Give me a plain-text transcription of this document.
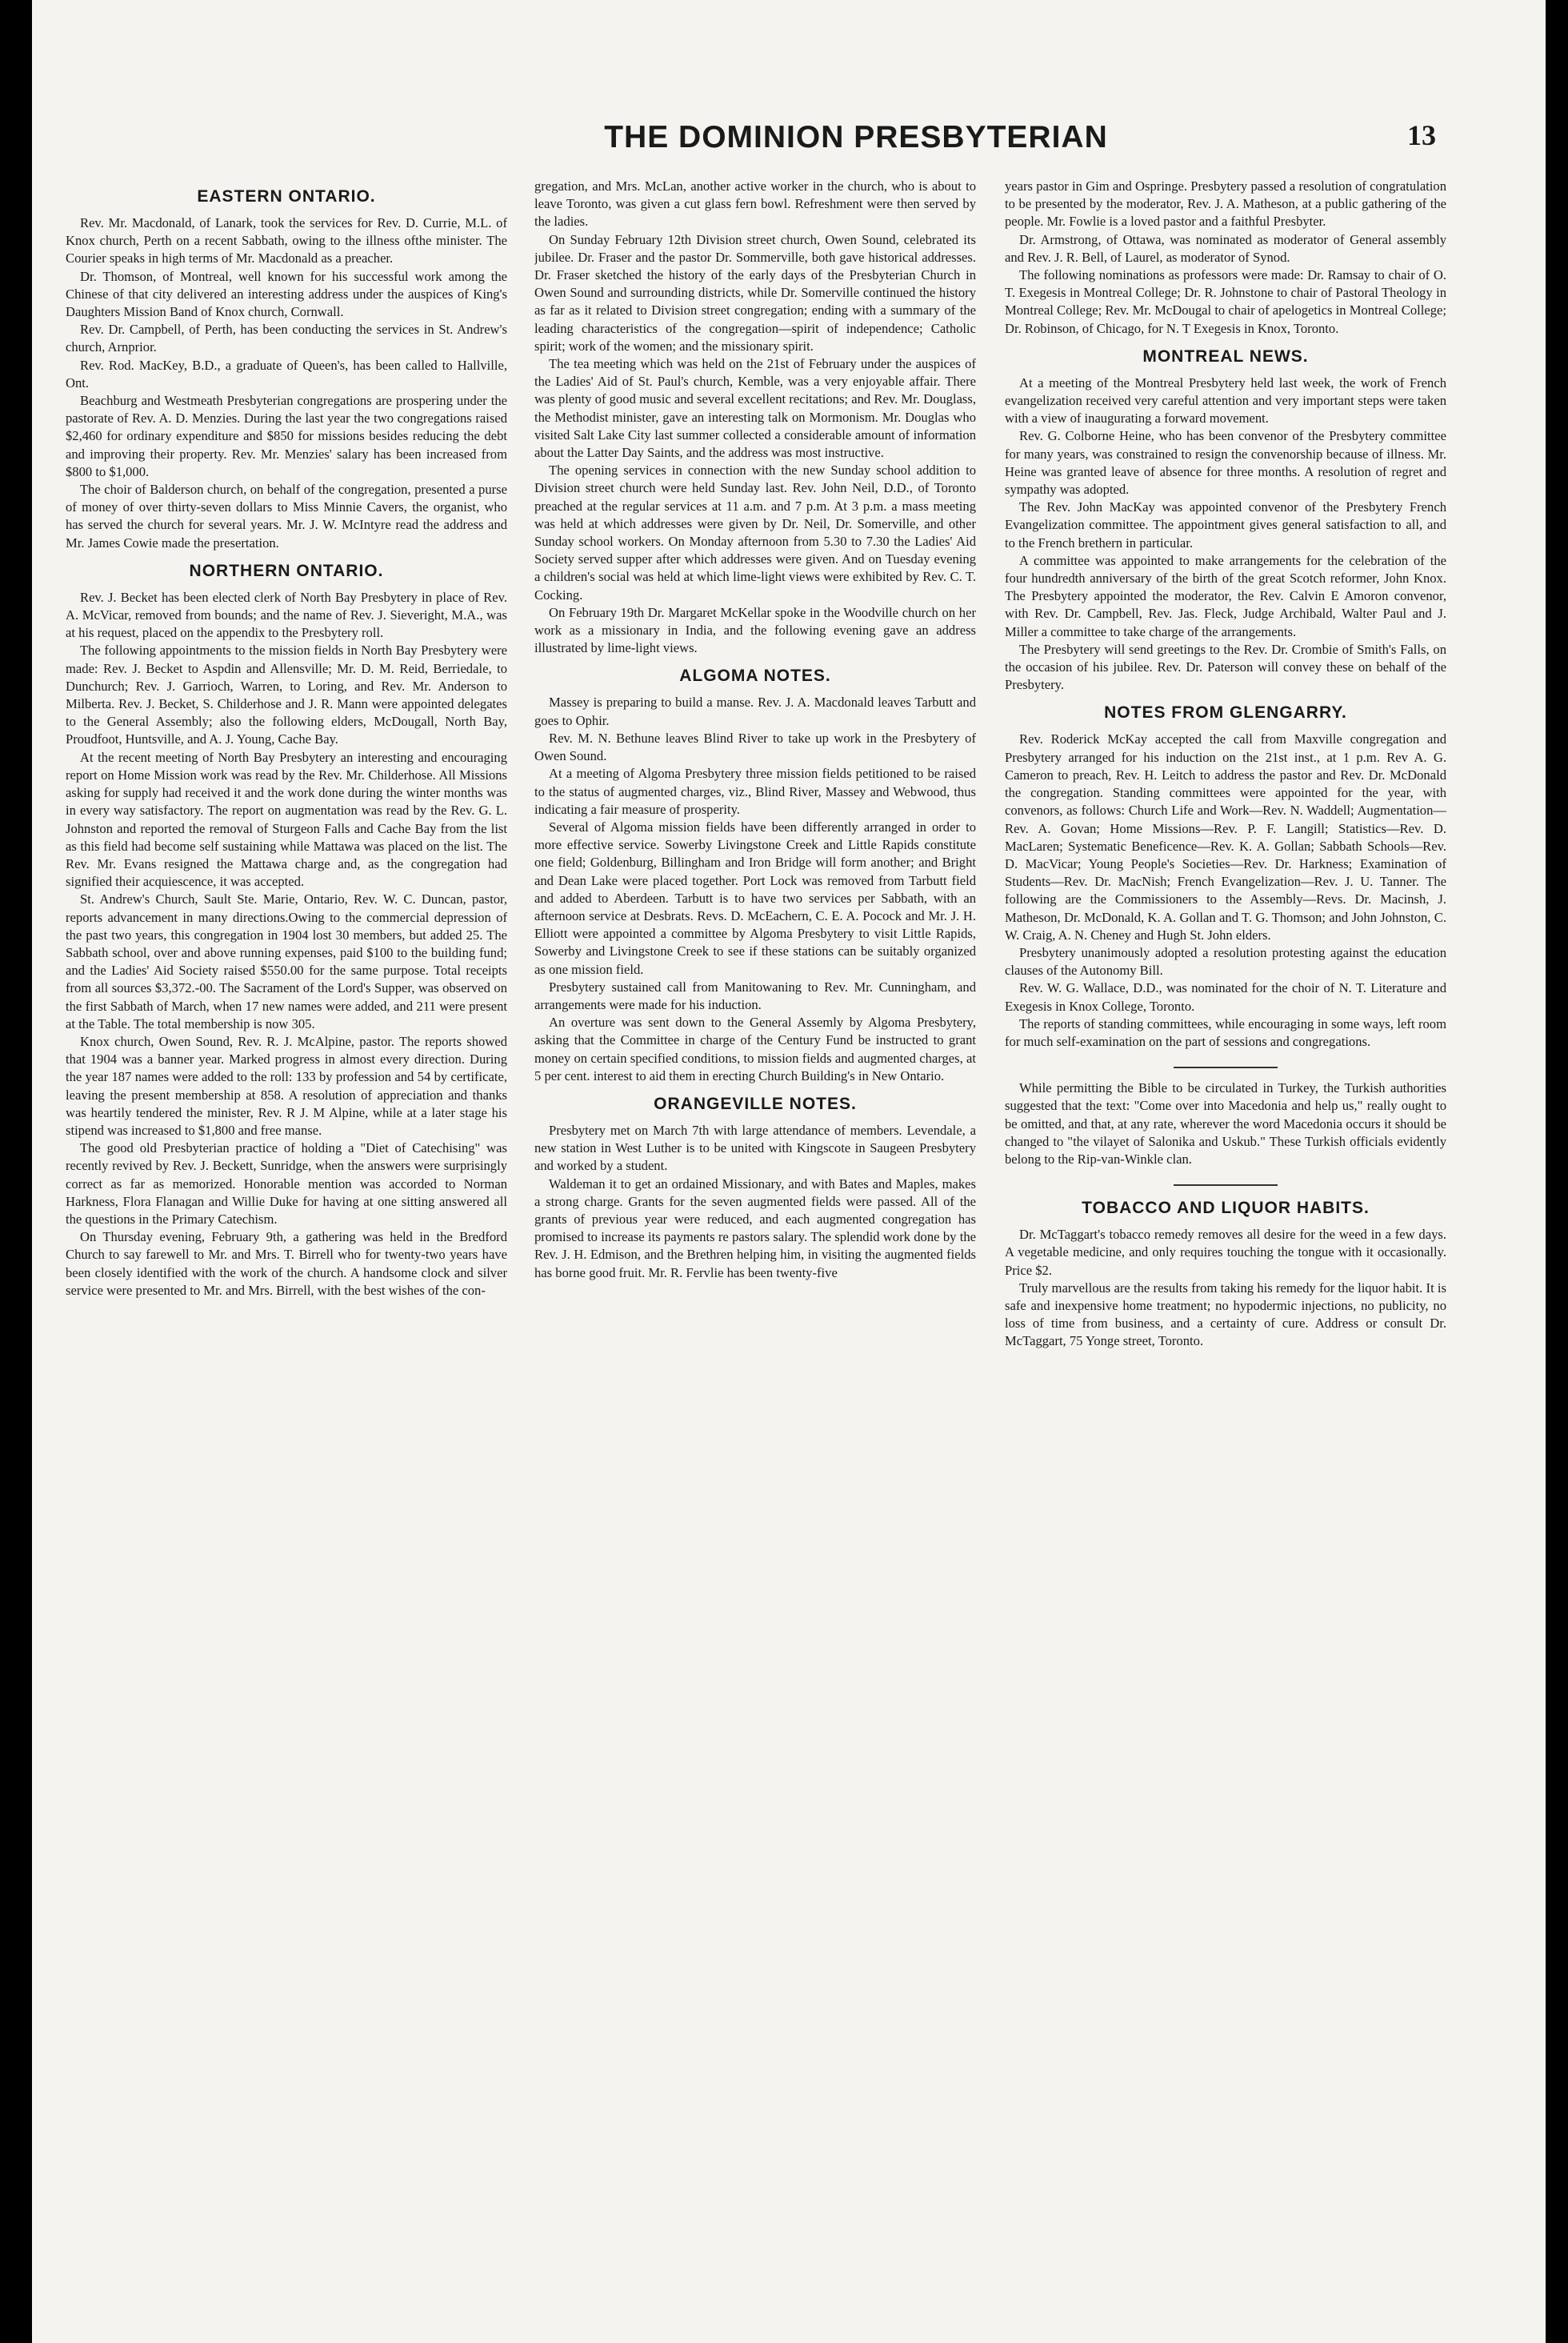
THE DOMINION PRESBYTERIAN	13
EASTERN ONTARIO.

Rev. Mr. Macdonald, of Lanark, took the services for Rev. D. Currie, M.L. of Knox church, Perth on a recent Sabbath, owing to the illness ofthe minister. The Courier speaks in high terms of Mr. Macdonald as a preacher.

Dr. Thomson, of Montreal, well known for his successful work among the Chinese of that city delivered an interesting address under the auspices of King's Daughters Mission Band of Knox church, Cornwall.

Rev. Dr. Campbell, of Perth, has been conducting the services in St. Andrew's church, Arnprior.

Rev. Rod. MacKey, B.D., a graduate of Queen's, has been called to Hallville, Ont.

Beachburg and Westmeath Presbyterian congregations are prospering under the pastorate of Rev. A. D. Menzies. During the last year the two congregations raised $2,460 for ordinary expenditure and $850 for missions besides reducing the debt and improving their property. Rev. Mr. Menzies' salary has been increased from $800 to $1,000.

The choir of Balderson church, on behalf of the congregation, presented a purse of money of over thirty-seven dollars to Miss Minnie Cavers, the organist, who has served the church for several years. Mr. J. W. McIntyre read the address and Mr. James Cowie made the presertation.

NORTHERN ONTARIO.

Rev. J. Becket has been elected clerk of North Bay Presbytery in place of Rev. A. McVicar, removed from bounds; and the name of Rev. J. Sieveright, M.A., was at his request, placed on the appendix to the Presbytery roll.

The following appointments to the mission fields in North Bay Presbytery were made: Rev. J. Becket to Aspdin and Allensville; Mr. D. M. Reid, Berriedale, to Dunchurch; Rev. J. Garrioch, Warren, to Loring, and Rev. Mr. Anderson to Milberta. Rev. J. Becket, S. Childerhose and J. R. Mann were appointed delegates to the General Assembly; also the following elders, McDougall, North Bay, Proudfoot, Huntsville, and A. J. Young, Cache Bay.

At the recent meeting of North Bay Presbytery an interesting and encouraging report on Home Mission work was read by the Rev. Mr. Childerhose. All Missions asking for supply had received it and the work done during the winter months was in every way satisfactory. The report on augmentation was read by the Rev. G. L. Johnston and reported the removal of Sturgeon Falls and Cache Bay from the list as this field had become self sustaining while Mattawa was placed on the list. The Rev. Mr. Evans resigned the Mattawa charge and, as the congregation had signified their acquiescence, it was accepted.

St. Andrew's Church, Sault Ste. Marie, Ontario, Rev. W. C. Duncan, pastor, reports advancement in many directions.Owing to the commercial depression of the past two years, this congregation in 1904 lost 30 members, but added 25. The Sabbath school, over and above running expenses, paid $100 to the building fund; and the Ladies' Aid Society raised $550.00 for the same purpose. Total receipts from all sources $3,372.-00. The Sacrament of the Lord's Supper, was observed on the first Sabbath of March, when 17 new names were added, and 211 were present at the Table. The total membership is now 305.

Knox church, Owen Sound, Rev. R. J. McAlpine, pastor. The reports showed that 1904 was a banner year. Marked progress in almost every direction. During the year 187 names were added to the roll: 133 by profession and 54 by certificate, leaving the present membership at 858. A resolution of appreciation and thanks was heartily tendered the minister, Rev. R J. M Alpine, while at a later stage his stipend was increased to $1,800 and free manse.

The good old Presbyterian practice of holding a "Diet of Catechising" was recently revived by Rev. J. Beckett, Sunridge, when the answers were surprisingly correct as far as memorized. Honorable mention was accorded to Norman Harkness, Flora Flanagan and Willie Duke for having at one sitting answered all the questions in the Primary Catechism.

On Thursday evening, February 9th, a gathering was held in the Bredford Church to say farewell to Mr. and Mrs. T. Birrell who for twenty-two years have been closely identified with the work of the church. A handsome clock and silver service were presented to Mr. and Mrs. Birrell, with the best wishes of the con-

gregation, and Mrs. McLan, another active worker in the church, who is about to leave Toronto, was given a cut glass fern bowl. Refreshment were then served by the ladies.

On Sunday February 12th Division street church, Owen Sound, celebrated its jubilee. Dr. Fraser and the pastor Dr. Sommerville, both gave historical addresses. Dr. Fraser sketched the history of the early days of the Presbyterian Church in Owen Sound and surrounding districts, while Dr. Somerville continued the history as far as it related to Division street congregation; ending with a summary of the leading characteristics of the congregation—spirit of independence; Catholic spirit; work of the women; and the missionary spirit.

The tea meeting which was held on the 21st of February under the auspices of the Ladies' Aid of St. Paul's church, Kemble, was a very enjoyable affair. There was plenty of good music and several excellent recitations; and Rev. Mr. Douglass, the Methodist minister, gave an interesting talk on Mormonism. Mr. Douglas who visited Salt Lake City last summer collected a considerable amount of information about the Latter Day Saints, and the address was most instructive.

The opening services in connection with the new Sunday school addition to Division street church were held Sunday last. Rev. John Neil, D.D., of Toronto preached at the regular services at 11 a.m. and 7 p.m. At 3 p.m. a mass meeting was held at which addresses were given by Dr. Neil, Dr. Somerville, and other Sunday school workers. On Monday afternoon from 5.30 to 7.30 the Ladies' Aid Society served supper after which addresses were given. And on Tuesday evening a children's social was held at which lime-light views were exhibited by Rev. C. T. Cocking.

On February 19th Dr. Margaret McKellar spoke in the Woodville church on her work as a missionary in India, and the following evening gave an address illustrated by lime-light views.

ALGOMA NOTES.

Massey is preparing to build a manse. Rev. J. A. Macdonald leaves Tarbutt and goes to Ophir.

Rev. M. N. Bethune leaves Blind River to take up work in the Presbytery of Owen Sound.

At a meeting of Algoma Presbytery three mission fields petitioned to be raised to the status of augmented charges, viz., Blind River, Massey and Webwood, thus indicating a fair measure of prosperity.

Several of Algoma mission fields have been differently arranged in order to more effective service. Sowerby Livingstone Creek and Little Rapids constitute one field; Goldenburg, Billingham and Iron Bridge will form another; and Bright and Dean Lake were placed together. Port Lock was removed from Tarbutt field and added to Aberdeen. Tarbutt is to have two services per Sabbath, with an afternoon service at Desbrats. Revs. D. McEachern, C. E. A. Pocock and Mr. J. H. Elliott were appointed a committee by Algoma Presbytery to visit Little Rapids, Sowerby and Livingstone Creek to see if these stations can be suitably organized as one mission field.

Presbytery sustained call from Manitowaning to Rev. Mr. Cunningham, and arrangements were made for his induction.

An overture was sent down to the General Assemly by Algoma Presbytery, asking that the Committee in charge of the Century Fund be instructed to grant money on certain specified conditions, to mission fields and augmented charges, at 5 per cent. interest to aid them in erecting Church Building's in New Ontario.

ORANGEVILLE NOTES.

Presbytery met on March 7th with large attendance of members. Levendale, a new station in West Luther is to be united with Kingscote in Saugeen Presbytery and worked by a student.

Waldeman it to get an ordained Missionary, and with Bates and Maples, makes a strong charge. Grants for the seven augmented fields were passed. All of the grants of previous year were reduced, and each augmented congregation has promised to increase its payments re pastors salary. The splendid work done by the Rev. J. H. Edmison, and the Brethren helping him, in visiting the augmented fields has borne good fruit. Mr. R. Fervlie has been twenty-five

years pastor in Gim and Ospringe. Presbytery passed a resolution of congratulation to be presented by the moderator, Rev. J. A. Matheson, at a public gathering of the people. Mr. Fowlie is a loved pastor and a faithful Presbyter.

Dr. Armstrong, of Ottawa, was nominated as moderator of General assembly and Rev. J. R. Bell, of Laurel, as moderator of Synod.

The following nominations as professors were made: Dr. Ramsay to chair of O. T. Exegesis in Montreal College; Dr. R. Johnstone to chair of Pastoral Theology in Montreal College; Rev. Mr. McDougal to chair of apelogetics in Montreal College; Dr. Robinson, of Chicago, for N. T Exegesis in Knox, Toronto.

MONTREAL NEWS.

At a meeting of the Montreal Presbytery held last week, the work of French evangelization received very careful attention and very important steps were taken with a view of inaugurating a forward movement.

Rev. G. Colborne Heine, who has been convenor of the Presbytery committee for many years, was constrained to resign the convenorship because of illness. Mr. Heine was granted leave of absence for three months. A resolution of regret and sympathy was adopted.

The Rev. John MacKay was appointed convenor of the Presbytery French Evangelization committee. The appointment gives general satisfaction to all, and to the French brethern in particular.

A committee was appointed to make arrangements for the celebration of the four hundredth anniversary of the birth of the great Scotch reformer, John Knox. The Presbytery appointed the moderator, the Rev. Calvin E Amoron convenor, with Rev. Dr. Campbell, Rev. Jas. Fleck, Judge Archibald, Walter Paul and J. Miller a committee to take charge of the arrangements.

The Presbytery will send greetings to the Rev. Dr. Crombie of Smith's Falls, on the occasion of his jubilee. Rev. Dr. Paterson will convey these on behalf of the Presbytery.

NOTES FROM GLENGARRY.

Rev. Roderick McKay accepted the call from Maxville congregation and Presbytery arranged for his induction on the 21st inst., at 1 p.m. Rev A. G. Cameron to preach, Rev. H. Leitch to address the pastor and Rev. Dr. McDonald the congregation. Standing committees were appointed for the year, with convenors, as follows: Church Life and Work—Rev. N. Waddell; Augmentation—Rev. A. Govan; Home Missions—Rev. P. F. Langill; Statistics—Rev. D. MacLaren; Systematic Beneficence—Rev. K. A. Gollan; Sabbath Schools—Rev. D. MacVicar; Young People's Societies—Rev. Dr. Harkness; Examination of Students—Rev. Dr. MacNish; French Evangelization—Rev. J. U. Tanner. The following are the Commissioners to the Assembly—Revs. Dr. Macinsh, J. Matheson, Dr. McDonald, K. A. Gollan and T. G. Thomson; and John Johnston, C. W. Craig, A. N. Cheney and Hugh St. John elders.

Presbytery unanimously adopted a resolution protesting against the education clauses of the Autonomy Bill.

Rev. W. G. Wallace, D.D., was nominated for the choir of N. T. Literature and Exegesis in Knox College, Toronto.

The reports of standing committees, while encouraging in some ways, left room for much self-examination on the part of sessions and congregations.

While permitting the Bible to be circulated in Turkey, the Turkish authorities suggested that the text: "Come over into Macedonia and help us," really ought to be omitted, and that, at any rate, wherever the word Macedonia occurs it should be changed to "the vilayet of Salonika and Uskub." These Turkish officials evidently belong to the Rip-van-Winkle clan.

TOBACCO AND LIQUOR HABITS.

Dr. McTaggart's tobacco remedy removes all desire for the weed in a few days. A vegetable medicine, and only requires touching the tongue with it occasionally. Price $2.

Truly marvellous are the results from taking his remedy for the liquor habit. It is safe and inexpensive home treatment; no hypodermic injections, no publicity, no loss of time from business, and a certainty of cure. Address or consult Dr. McTaggart, 75 Yonge street, Toronto.
